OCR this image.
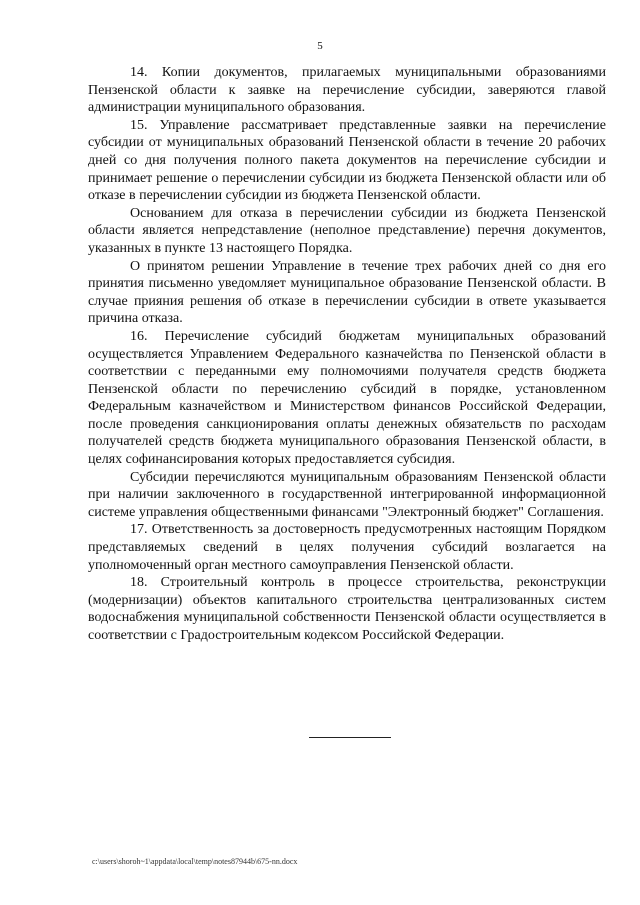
5

14. Копии документов, прилагаемых муниципальными образованиями Пензенской области к заявке на перечисление субсидии, заверяются главой администрации муниципального образования.

15. Управление рассматривает представленные заявки на перечисление субсидии от муниципальных образований Пензенской области в течение 20 рабочих дней со дня получения полного пакета документов на перечисление субсидии и принимает решение о перечислении субсидии из бюджета Пензенской области или об отказе в перечислении субсидии из бюджета Пензенской области.

Основанием для отказа в перечислении субсидии из бюджета Пензенской области является непредставление (неполное представление) перечня документов, указанных в пункте 13 настоящего Порядка.

О принятом решении Управление в течение трех рабочих дней со дня его принятия письменно уведомляет муниципальное образование Пензенской области. В случае прияния решения об отказе в перечислении субсидии в ответе указывается причина отказа.

16. Перечисление субсидий бюджетам муниципальных образований осуществляется Управлением Федерального казначейства по Пензенской области в соответствии с переданными ему полномочиями получателя средств бюджета Пензенской области по перечислению субсидий в порядке, установленном Федеральным казначейством и Министерством финансов Российской Федерации, после проведения санкционирования оплаты денежных обязательств по расходам получателей средств бюджета муниципального образования Пензенской области, в целях софинансирования которых предоставляется субсидия.

Субсидии перечисляются муниципальным образованиям Пензенской области при наличии заключенного в государственной интегрированной информационной системе управления общественными финансами "Электронный бюджет" Соглашения.

17. Ответственность за достоверность предусмотренных настоящим Порядком представляемых сведений в целях получения субсидий возлагается на уполномоченный орган местного самоуправления Пензенской области.

18. Строительный контроль в процессе строительства, реконструкции (модернизации) объектов капитального строительства централизованных систем водоснабжения муниципальной собственности Пензенской области осуществляется в соответствии с Градостроительным кодексом Российской Федерации.

c:\users\shoroh~1\appdata\local\temp\notes87944b\675-nn.docx
